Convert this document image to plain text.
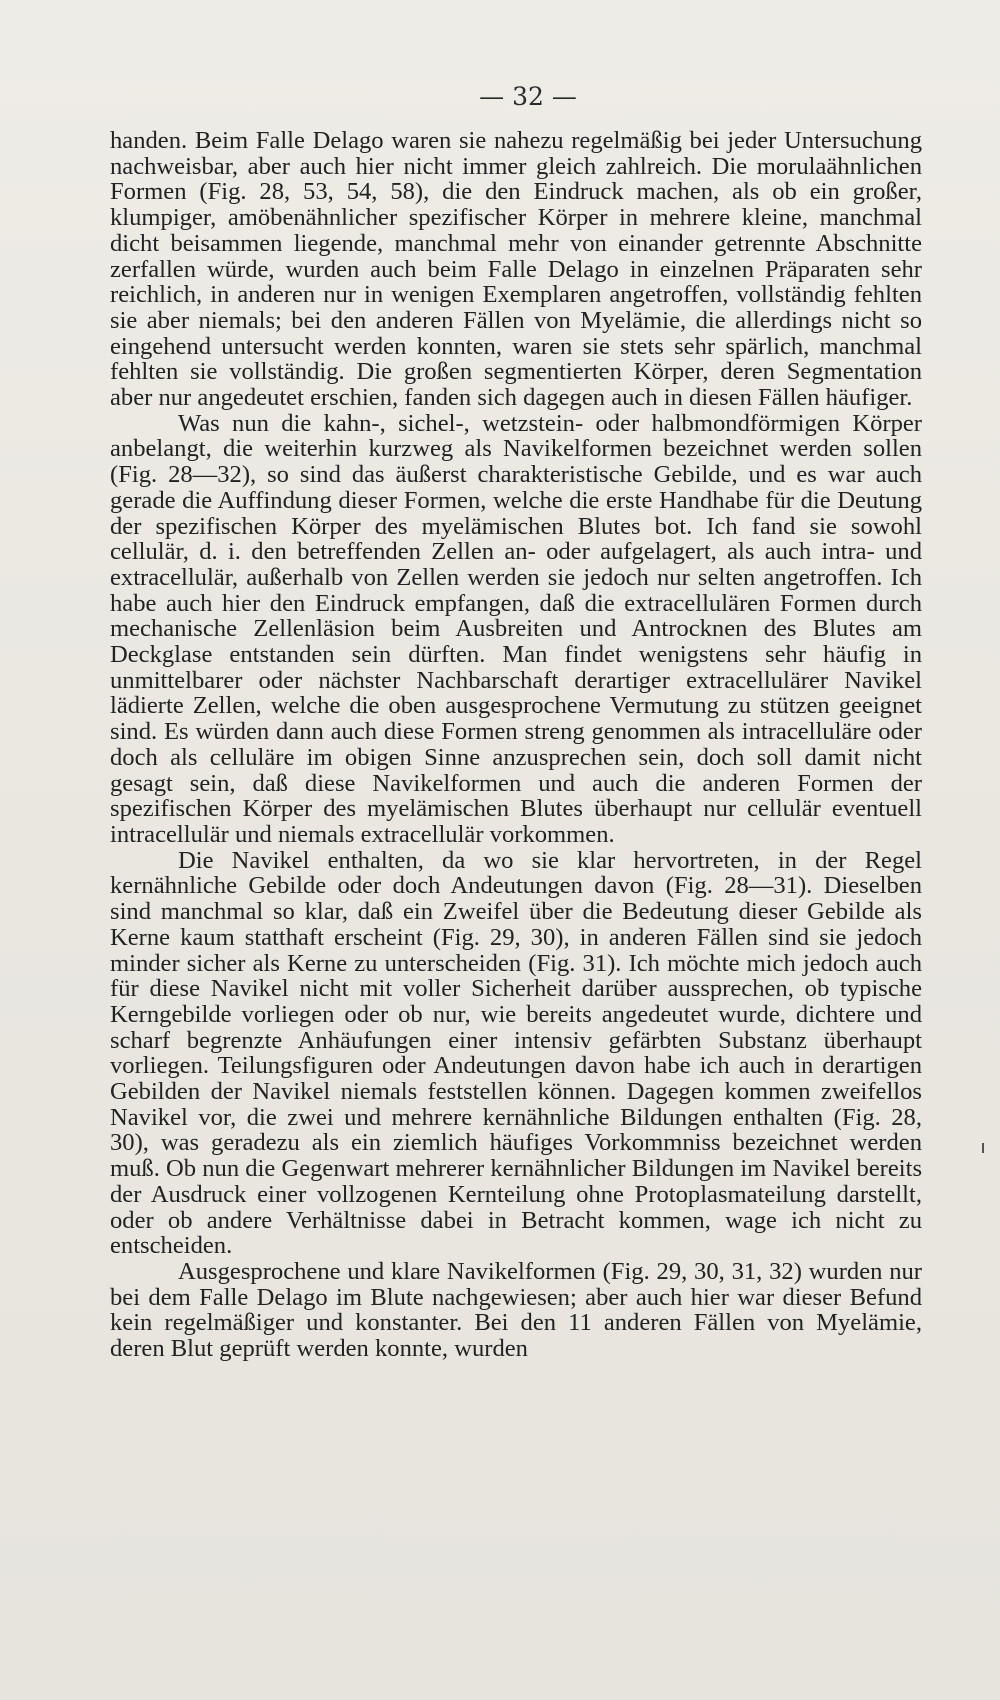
— 32 —

handen. Beim Falle Delago waren sie nahezu regelmäßig bei jeder Untersuchung nachweisbar, aber auch hier nicht immer gleich zahlreich. Die morulaähnlichen Formen (Fig. 28, 53, 54, 58), die den Eindruck machen, als ob ein großer, klumpiger, amöbenähnlicher spezifischer Körper in mehrere kleine, manchmal dicht beisammen liegende, manchmal mehr von einander getrennte Abschnitte zerfallen würde, wurden auch beim Falle Delago in einzelnen Präparaten sehr reichlich, in anderen nur in wenigen Exemplaren angetroffen, vollständig fehlten sie aber niemals; bei den anderen Fällen von Myelämie, die allerdings nicht so eingehend untersucht werden konnten, waren sie stets sehr spärlich, manchmal fehlten sie vollständig. Die großen segmentierten Körper, deren Segmentation aber nur angedeutet erschien, fanden sich dagegen auch in diesen Fällen häufiger.

Was nun die kahn-, sichel-, wetzstein- oder halbmondförmigen Körper anbelangt, die weiterhin kurzweg als Navikelformen bezeichnet werden sollen (Fig. 28—32), so sind das äußerst charakteristische Gebilde, und es war auch gerade die Auffindung dieser Formen, welche die erste Handhabe für die Deutung der spezifischen Körper des myelämischen Blutes bot. Ich fand sie sowohl cellulär, d. i. den betreffenden Zellen an- oder aufgelagert, als auch intra- und extracellulär, außerhalb von Zellen werden sie jedoch nur selten angetroffen. Ich habe auch hier den Eindruck empfangen, daß die extracellulären Formen durch mechanische Zellenläsion beim Ausbreiten und Antrocknen des Blutes am Deckglase entstanden sein dürften. Man findet wenigstens sehr häufig in unmittelbarer oder nächster Nachbarschaft derartiger extracellulärer Navikel lädierte Zellen, welche die oben ausgesprochene Vermutung zu stützen geeignet sind. Es würden dann auch diese Formen streng genommen als intracelluläre oder doch als celluläre im obigen Sinne anzusprechen sein, doch soll damit nicht gesagt sein, daß diese Navikelformen und auch die anderen Formen der spezifischen Körper des myelämischen Blutes überhaupt nur cellulär eventuell intracellulär und niemals extracellulär vorkommen.

Die Navikel enthalten, da wo sie klar hervortreten, in der Regel kernähnliche Gebilde oder doch Andeutungen davon (Fig. 28—31). Dieselben sind manchmal so klar, daß ein Zweifel über die Bedeutung dieser Gebilde als Kerne kaum statthaft erscheint (Fig. 29, 30), in anderen Fällen sind sie jedoch minder sicher als Kerne zu unterscheiden (Fig. 31). Ich möchte mich jedoch auch für diese Navikel nicht mit voller Sicherheit darüber aussprechen, ob typische Kerngebilde vorliegen oder ob nur, wie bereits angedeutet wurde, dichtere und scharf begrenzte Anhäufungen einer intensiv gefärbten Substanz überhaupt vorliegen. Teilungsfiguren oder Andeutungen davon habe ich auch in derartigen Gebilden der Navikel niemals feststellen können. Dagegen kommen zweifellos Navikel vor, die zwei und mehrere kernähnliche Bildungen enthalten (Fig. 28, 30), was geradezu als ein ziemlich häufiges Vorkommniss bezeichnet werden muß. Ob nun die Gegenwart mehrerer kernähnlicher Bildungen im Navikel bereits der Ausdruck einer vollzogenen Kernteilung ohne Protoplasmateilung darstellt, oder ob andere Verhältnisse dabei in Betracht kommen, wage ich nicht zu entscheiden.

Ausgesprochene und klare Navikelformen (Fig. 29, 30, 31, 32) wurden nur bei dem Falle Delago im Blute nachgewiesen; aber auch hier war dieser Befund kein regelmäßiger und konstanter. Bei den 11 anderen Fällen von Myelämie, deren Blut geprüft werden konnte, wurden
